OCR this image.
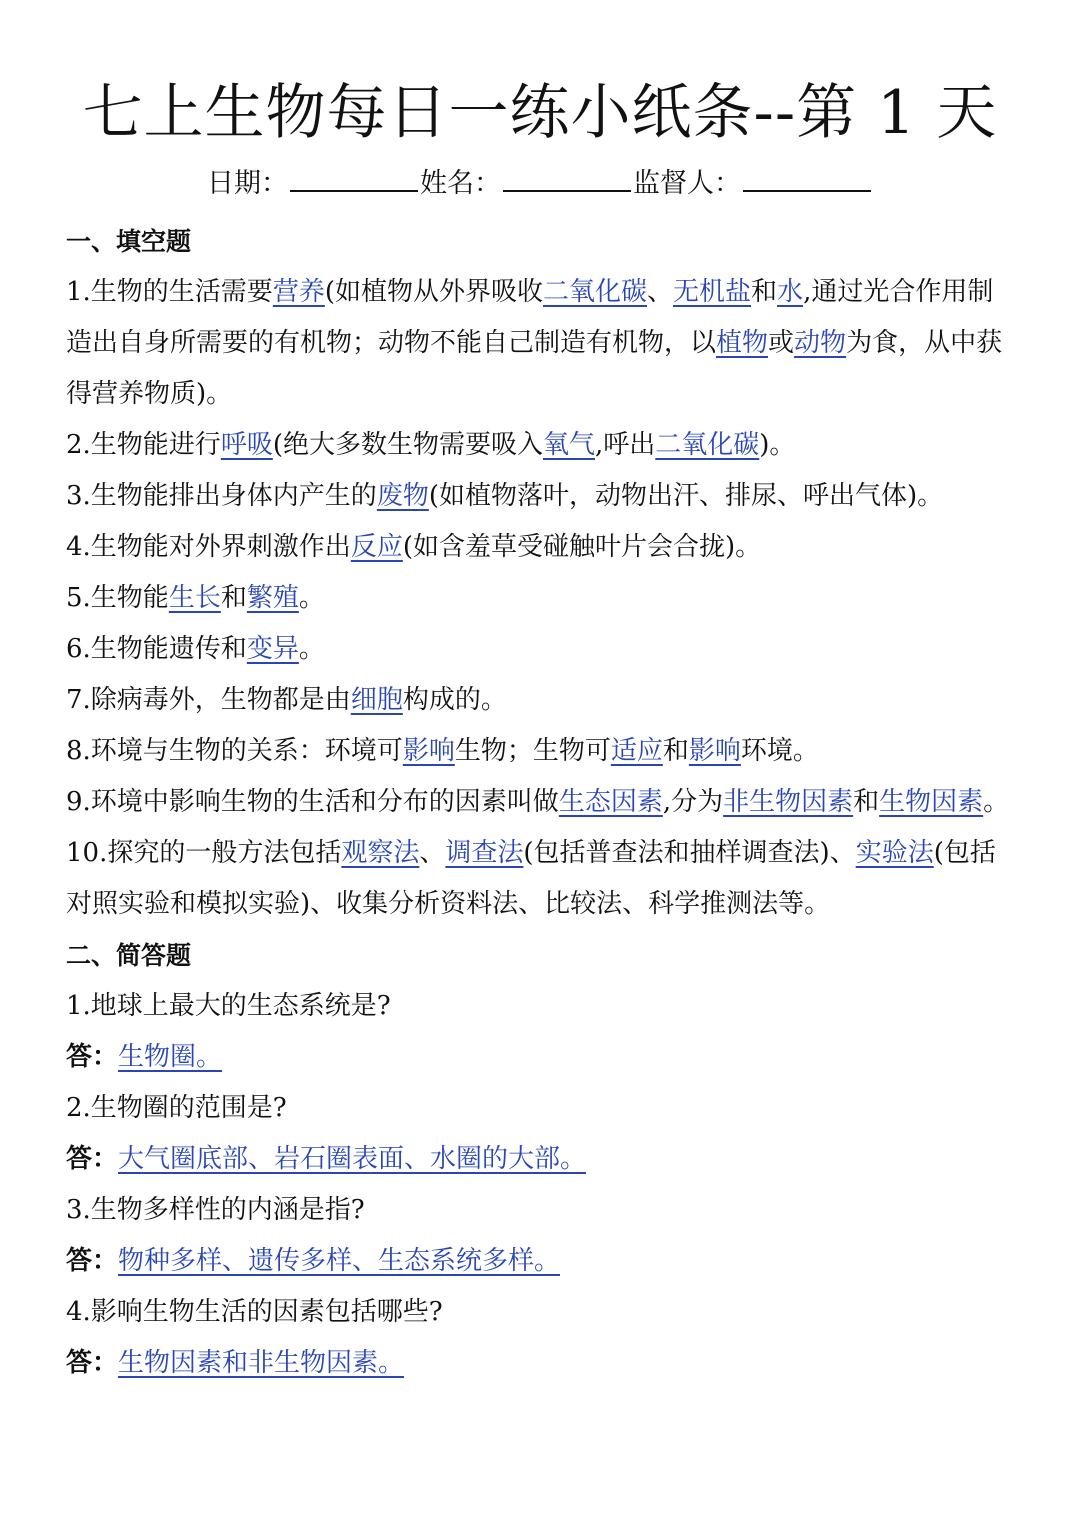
七上生物每日一练小纸条--第 1 天
日期：	姓名：	监督人：
一、填空题

1.生物的生活需要营养(如植物从外界吸收二氧化碳、无机盐和水,通过光合作用制造出自身所需要的有机物；动物不能自己制造有机物，以植物或动物为食，从中获得营养物质)。

2.生物能进行呼吸(绝大多数生物需要吸入氧气,呼出二氧化碳)。

3.生物能排出身体内产生的废物(如植物落叶，动物出汗、排尿、呼出气体)。

4.生物能对外界刺激作出反应(如含羞草受碰触叶片会合拢)。

5.生物能生长和繁殖。

6.生物能遗传和变异。

7.除病毒外，生物都是由细胞构成的。

8.环境与生物的关系：环境可影响生物；生物可适应和影响环境。

9.环境中影响生物的生活和分布的因素叫做生态因素,分为非生物因素和生物因素。

10.探究的一般方法包括观察法、调查法(包括普查法和抽样调查法)、实验法(包括对照实验和模拟实验)、收集分析资料法、比较法、科学推测法等。

二、简答题

1.地球上最大的生态系统是?

答：生物圈。

2.生物圈的范围是?

答：大气圈底部、岩石圈表面、水圈的大部。

3.生物多样性的内涵是指?

答：物种多样、遗传多样、生态系统多样。

4.影响生物生活的因素包括哪些?

答：生物因素和非生物因素。
